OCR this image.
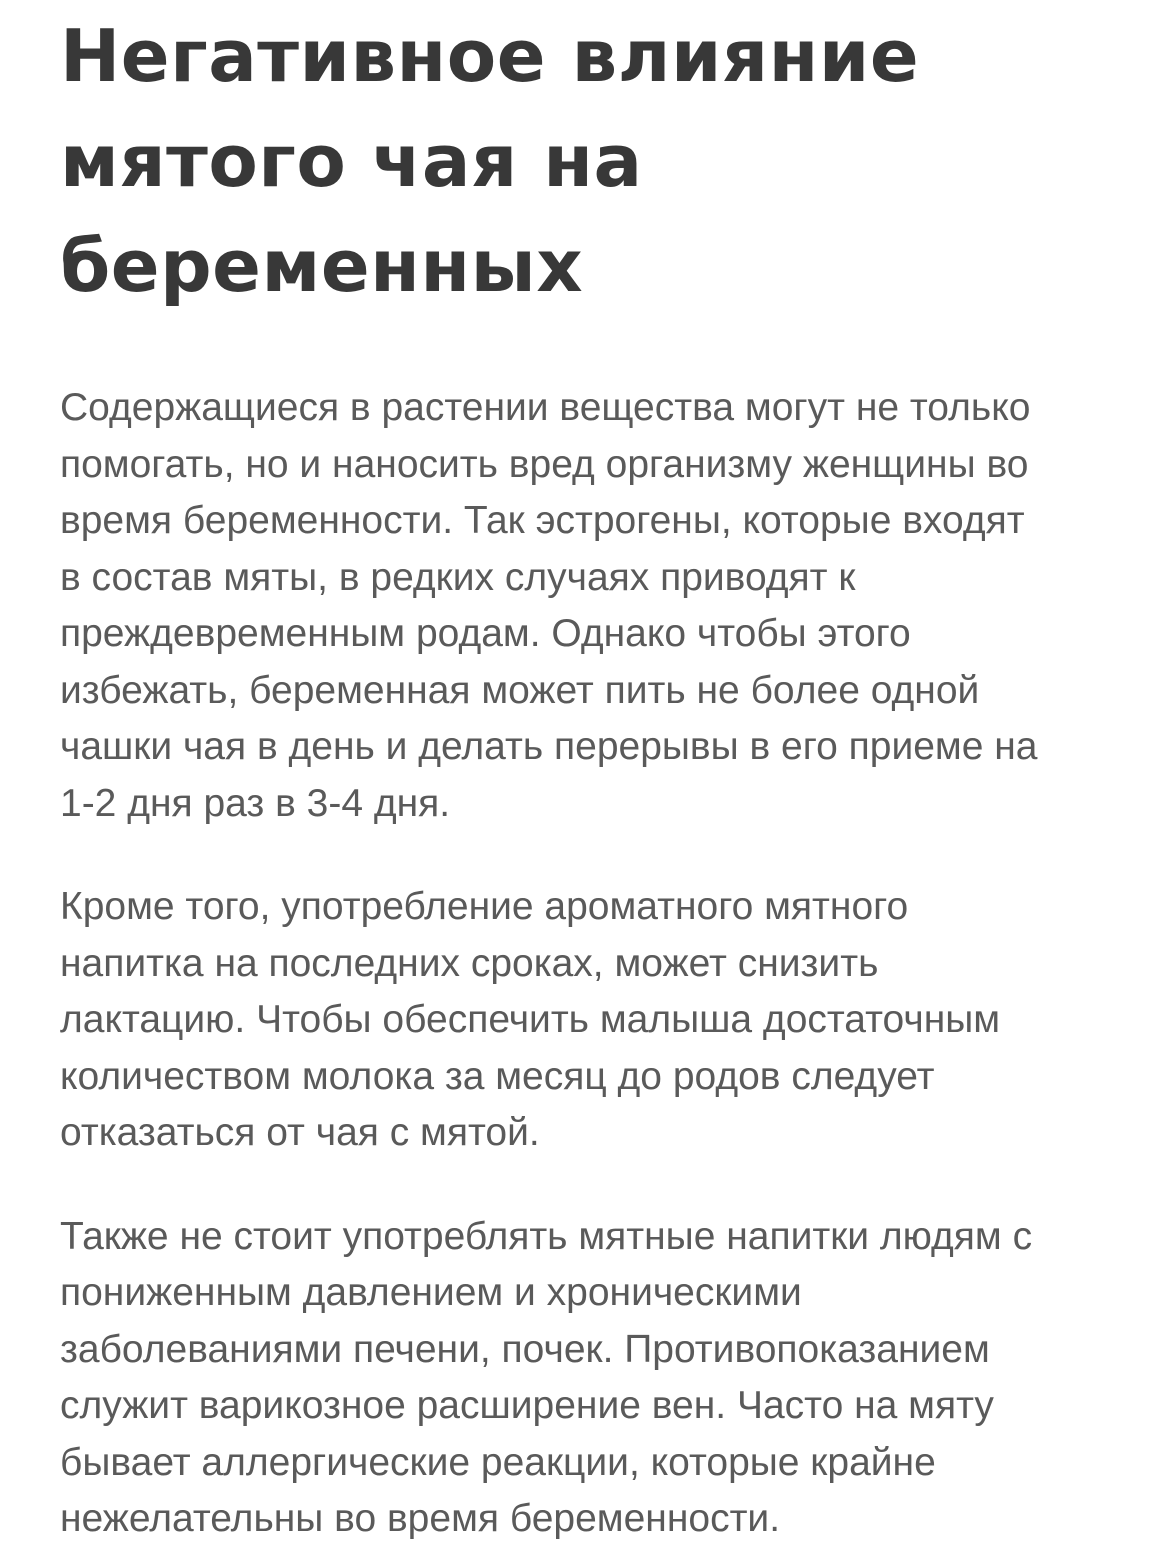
Негативное влияние
мятого чая на
беременных

Содержащиеся в растении вещества могут не только
помогать, но и наносить вред организму женщины во
время беременности. Так эстрогены, которые входят
в состав мяты, в редких случаях приводят к
преждевременным родам. Однако чтобы этого
избежать, беременная может пить не более одной
чашки чая в день и делать перерывы в его приеме на
1-2 дня раз в 3-4 дня.

Кроме того, употребление ароматного мятного
напитка на последних сроках, может снизить
лактацию. Чтобы обеспечить малыша достаточным
количеством молока за месяц до родов следует
отказаться от чая с мятой.

Также не стоит употреблять мятные напитки людям с
пониженным давлением и хроническими
заболеваниями печени, почек. Противопоказанием
служит варикозное расширение вен. Часто на мяту
бывает аллергические реакции, которые крайне
нежелательны во время беременности.
